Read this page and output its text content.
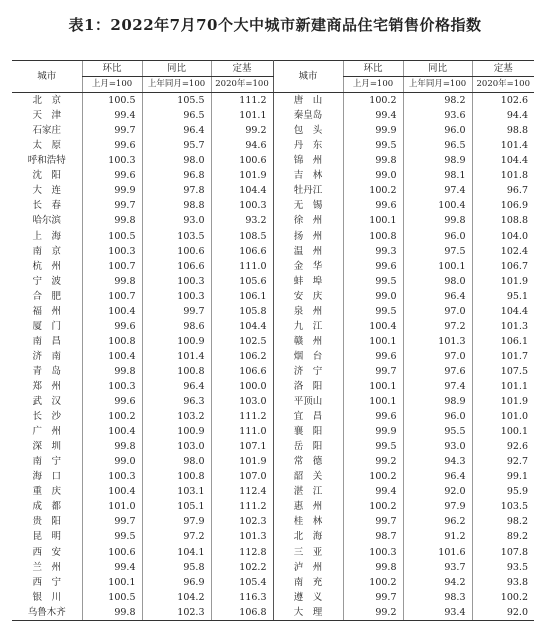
表1：2022年7月70个大中城市新建商品住宅销售价格指数
城市	环比	同比	定基	城市	环比	同比	定基
	上月=100	上年同月=100	2020年=100		上月=100	上年同月=100	2020年=100
北　京	100.5	105.5	111.2	唐　山	100.2	98.2	102.6
天　津	99.4	96.5	101.1	秦皇岛	99.4	93.6	94.4
石家庄	99.7	96.4	99.2	包　头	99.9	96.0	98.8
太　原	99.6	95.7	94.6	丹　东	99.5	96.5	101.4
呼和浩特	100.3	98.0	100.6	锦　州	99.8	98.9	104.4
沈　阳	99.6	96.8	101.9	吉　林	99.0	98.1	101.8
大　连	99.9	97.8	104.4	牡丹江	100.2	97.4	96.7
长　春	99.7	98.8	100.3	无　锡	99.6	100.4	106.9
哈尔滨	99.8	93.0	93.2	徐　州	100.1	99.8	108.8
上　海	100.5	103.5	108.5	扬　州	100.8	96.0	104.0
南　京	100.3	100.6	106.6	温　州	99.3	97.5	102.4
杭　州	100.7	106.6	111.0	金　华	99.6	100.1	106.7
宁　波	99.8	100.3	105.6	蚌　埠	99.5	98.0	101.9
合　肥	100.7	100.3	106.1	安　庆	99.0	96.4	95.1
福　州	100.4	99.7	105.8	泉　州	99.5	97.0	104.4
厦　门	99.6	98.6	104.4	九　江	100.4	97.2	101.3
南　昌	100.8	100.9	102.5	赣　州	100.1	101.3	106.1
济　南	100.4	101.4	106.2	烟　台	99.6	97.0	101.7
青　岛	99.8	100.8	106.6	济　宁	99.7	97.6	107.5
郑　州	100.3	96.4	100.0	洛　阳	100.1	97.4	101.1
武　汉	99.6	96.3	103.0	平顶山	100.1	98.9	101.9
长　沙	100.2	103.2	111.2	宜　昌	99.6	96.0	101.0
广　州	100.4	100.9	111.0	襄　阳	99.9	95.5	100.1
深　圳	99.8	103.0	107.1	岳　阳	99.5	93.0	92.6
南　宁	99.0	98.0	101.9	常　德	99.2	94.3	92.7
海　口	100.3	100.8	107.0	韶　关	100.2	96.4	99.1
重　庆	100.4	103.1	112.4	湛　江	99.4	92.0	95.9
成　都	101.0	105.1	111.2	惠　州	100.2	97.9	103.5
贵　阳	99.7	97.9	102.3	桂　林	99.7	96.2	98.2
昆　明	99.5	97.2	101.3	北　海	98.7	91.2	89.2
西　安	100.6	104.1	112.8	三　亚	100.3	101.6	107.8
兰　州	99.4	95.8	102.2	泸　州	99.8	93.7	93.5
西　宁	100.1	96.9	105.4	南　充	100.2	94.2	93.8
银　川	100.5	104.2	116.3	遵　义	99.7	98.3	100.2
乌鲁木齐	99.8	102.3	106.8	大　理	99.2	93.4	92.0
